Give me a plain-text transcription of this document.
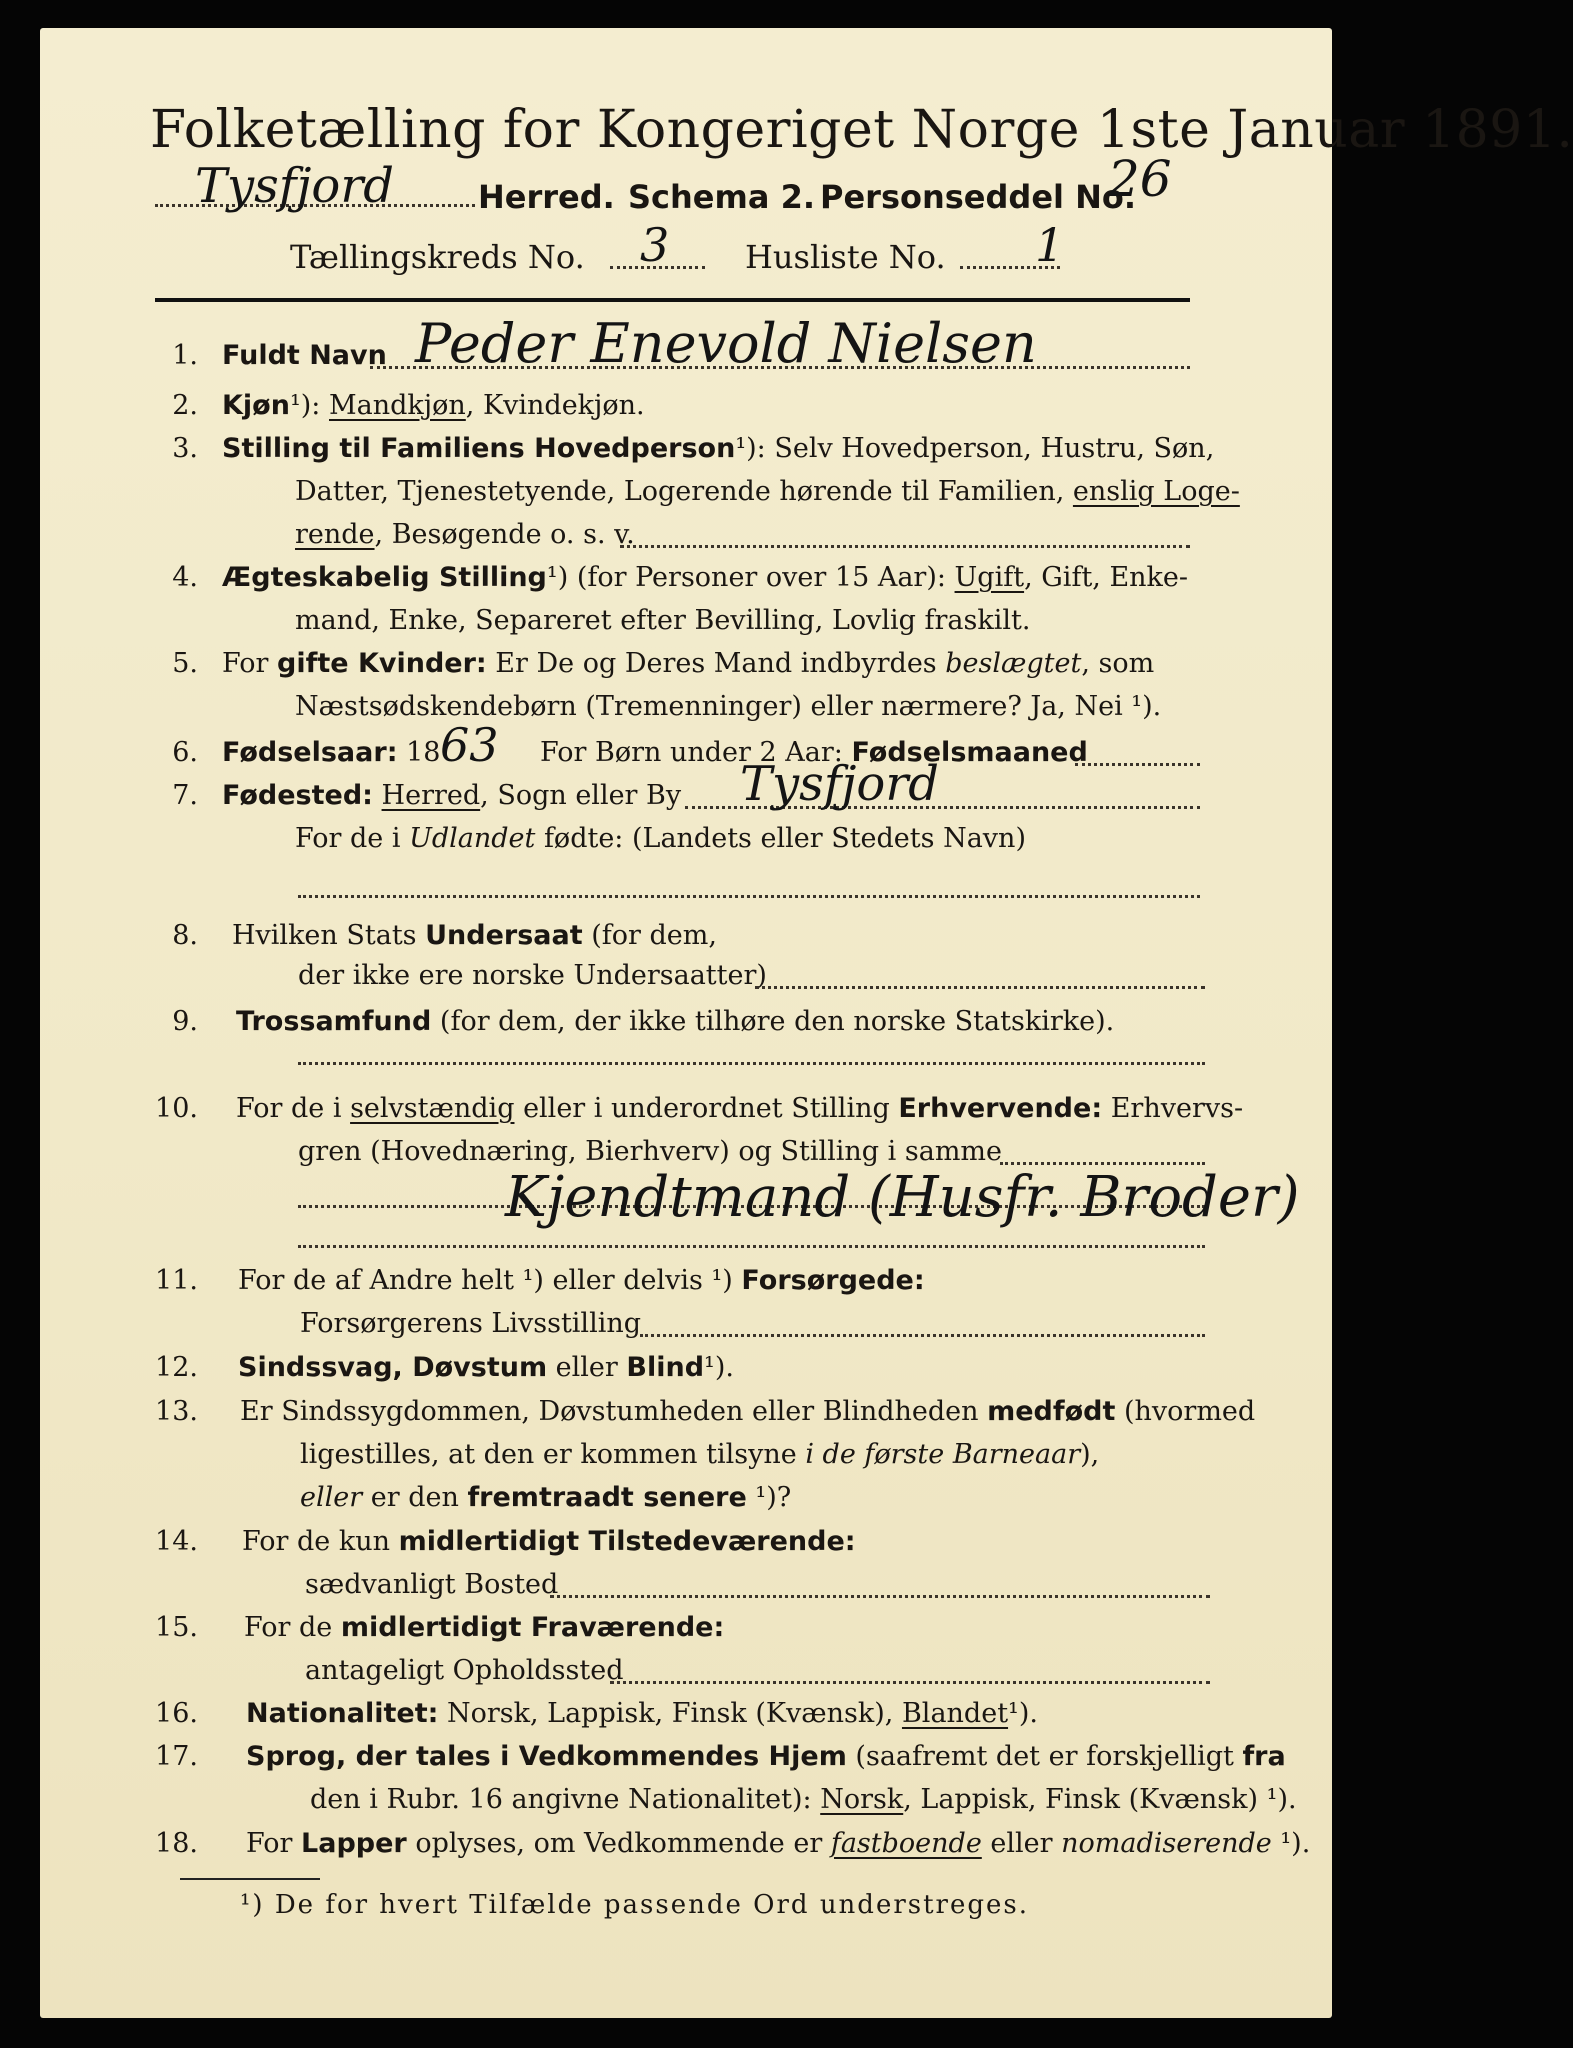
Folketælling for Kongeriget Norge 1ste Januar 1891.
Tysfjord	Herred. Schema 2. Personseddel No.
26
Tællingskreds No. 3 Husliste No. 1
1. Fuldt Navn Peder Enevold Nielsen
2. Kjøn¹): Mandkjøn, Kvindekjøn.
3. Stilling til Familiens Hovedperson¹): Selv Hovedperson, Hustru, Søn,
Datter, Tjenestetyende, Logerende hørende til Familien, enslig Loge-
rende, Besøgende o. s. v.
4. Ægteskabelig Stilling¹) (for Personer over 15 Aar): Ugift, Gift, Enke-
mand, Enke, Separeret efter Bevilling, Lovlig fraskilt.
5. For gifte Kvinder: Er De og Deres Mand indbyrdes beslægtet, som
Næstsødskendebørn (Tremenninger) eller nærmere? Ja, Nei ¹).
6. Fødselsaar: 18 63 For Børn under 2 Aar: Fødselsmaaned
7. Fødested: Herred, Sogn eller By Tysfjord
For de i Udlandet fødte: (Landets eller Stedets Navn)
8. Hvilken Stats Undersaat (for dem,
der ikke ere norske Undersaatter)
9. Trossamfund (for dem, der ikke tilhøre den norske Statskirke).
10. For de i selvstændig eller i underordnet Stilling Erhvervende: Erhvervs-
gren (Hovednæring, Bierhverv) og Stilling i samme
Kjendtmand (Husfr. Broder)
11. For de af Andre helt ¹) eller delvis ¹) Forsørgede:
Forsørgerens Livsstilling
12. Sindssvag, Døvstum eller Blind¹).
13. Er Sindssygdommen, Døvstumheden eller Blindheden medfødt (hvormed
ligestilles, at den er kommen tilsyne i de første Barneaar),
eller er den fremtraadt senere ¹)?
14. For de kun midlertidigt Tilstedeværende:
sædvanligt Bosted
15. For de midlertidigt Fraværende:
antageligt Opholdssted
16. Nationalitet: Norsk, Lappisk, Finsk (Kvænsk), Blandet¹).
17. Sprog, der tales i Vedkommendes Hjem (saafremt det er forskjelligt fra
den i Rubr. 16 angivne Nationalitet): Norsk, Lappisk, Finsk (Kvænsk) ¹).
18. For Lapper oplyses, om Vedkommende er fastboende eller nomadiserende ¹).
¹) De for hvert Tilfælde passende Ord understreges.
